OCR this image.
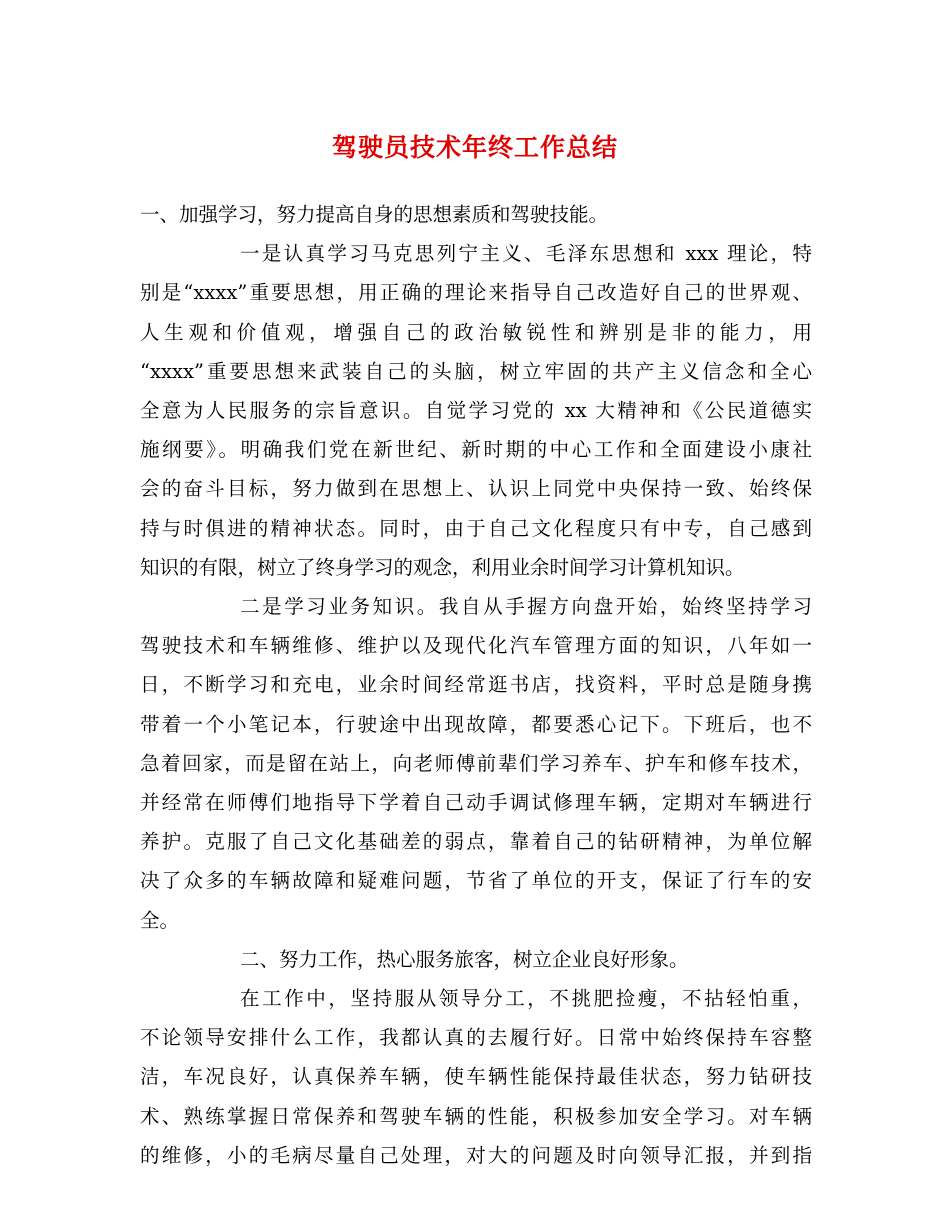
驾驶员技术年终工作总结
一、加强学习，努力提高自身的思想素质和驾驶技能。
一是认真学习马克思列宁主义、毛泽东思想和 xxx 理论，特
别是“xxxx”重要思想，用正确的理论来指导自己改造好自己的世界观、
人生观和价值观，增强自己的政治敏锐性和辨别是非的能力，用
“xxxx”重要思想来武装自己的头脑，树立牢固的共产主义信念和全心
全意为人民服务的宗旨意识。自觉学习党的 xx 大精神和《公民道德实
施纲要》。明确我们党在新世纪、新时期的中心工作和全面建设小康社
会的奋斗目标，努力做到在思想上、认识上同党中央保持一致、始终保
持与时俱进的精神状态。同时，由于自己文化程度只有中专，自己感到
知识的有限，树立了终身学习的观念，利用业余时间学习计算机知识。
二是学习业务知识。我自从手握方向盘开始，始终坚持学习
驾驶技术和车辆维修、维护以及现代化汽车管理方面的知识，八年如一
日，不断学习和充电，业余时间经常逛书店，找资料，平时总是随身携
带着一个小笔记本，行驶途中出现故障，都要悉心记下。下班后，也不
急着回家，而是留在站上，向老师傅前辈们学习养车、护车和修车技术，
并经常在师傅们地指导下学着自己动手调试修理车辆，定期对车辆进行
养护。克服了自己文化基础差的弱点，靠着自己的钻研精神，为单位解
决了众多的车辆故障和疑难问题，节省了单位的开支，保证了行车的安
全。
二、努力工作，热心服务旅客，树立企业良好形象。
在工作中，坚持服从领导分工，不挑肥捡瘦，不拈轻怕重，
不论领导安排什么工作，我都认真的去履行好。日常中始终保持车容整
洁，车况良好，认真保养车辆，使车辆性能保持最佳状态，努力钻研技
术、熟练掌握日常保养和驾驶车辆的性能，积极参加安全学习。对车辆
的维修，小的毛病尽量自己处理，对大的问题及时向领导汇报，并到指
